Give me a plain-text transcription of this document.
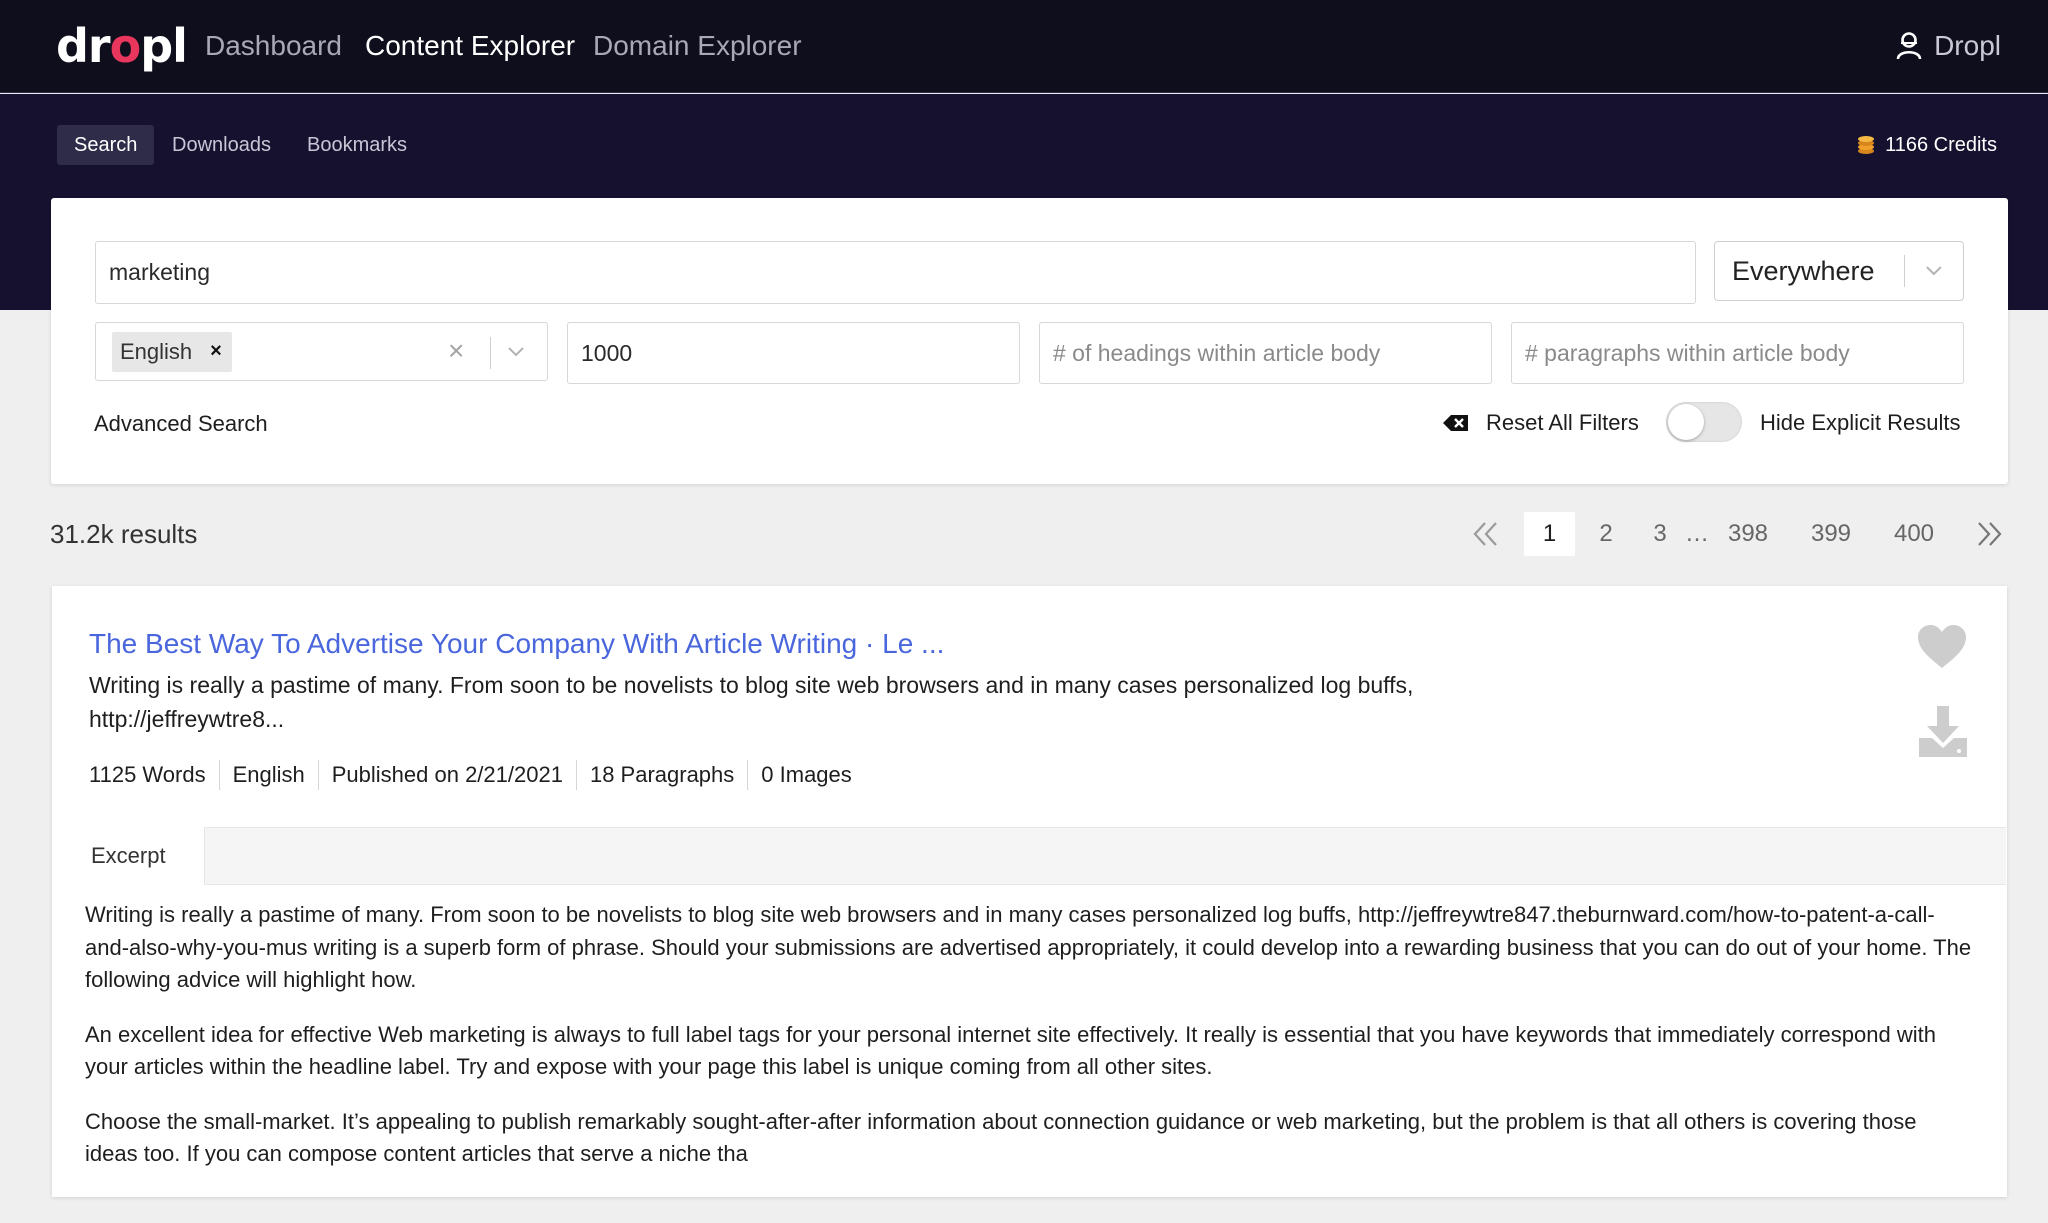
dropl Dashboard Content Explorer Domain Explorer	Dropl
Search	Downloads	Bookmarks	1166 Credits
marketing	Everywhere
English ×	×	1000	# of headings within article body	# paragraphs within article body
Advanced Search	Reset All Filters	Hide Explicit Results
31.2k results	1	2	3 … 398	399	400
The Best Way To Advertise Your Company With Article Writing · Le ...
Writing is really a pastime of many. From soon to be novelists to blog site web browsers and in many cases personalized log buffs, http://jeffreywtre8...
1125 Words	English	Published on 2/21/2021	18 Paragraphs	0 Images
Excerpt

Writing is really a pastime of many. From soon to be novelists to blog site web browsers and in many cases personalized log buffs, http://jeffreywtre847.theburnward.com/how-to-patent-a-call-and-also-why-you-mus writing is a superb form of phrase. Should your submissions are advertised appropriately, it could develop into a rewarding business that you can do out of your home. The following advice will highlight how.

An excellent idea for effective Web marketing is always to full label tags for your personal internet site effectively. It really is essential that you have keywords that immediately correspond with your articles within the headline label. Try and expose with your page this label is unique coming from all other sites.

Choose the small-market. It’s appealing to publish remarkably sought-after-after information about connection guidance or web marketing, but the problem is that all others is covering those ideas too. If you can compose content articles that serve a niche tha
